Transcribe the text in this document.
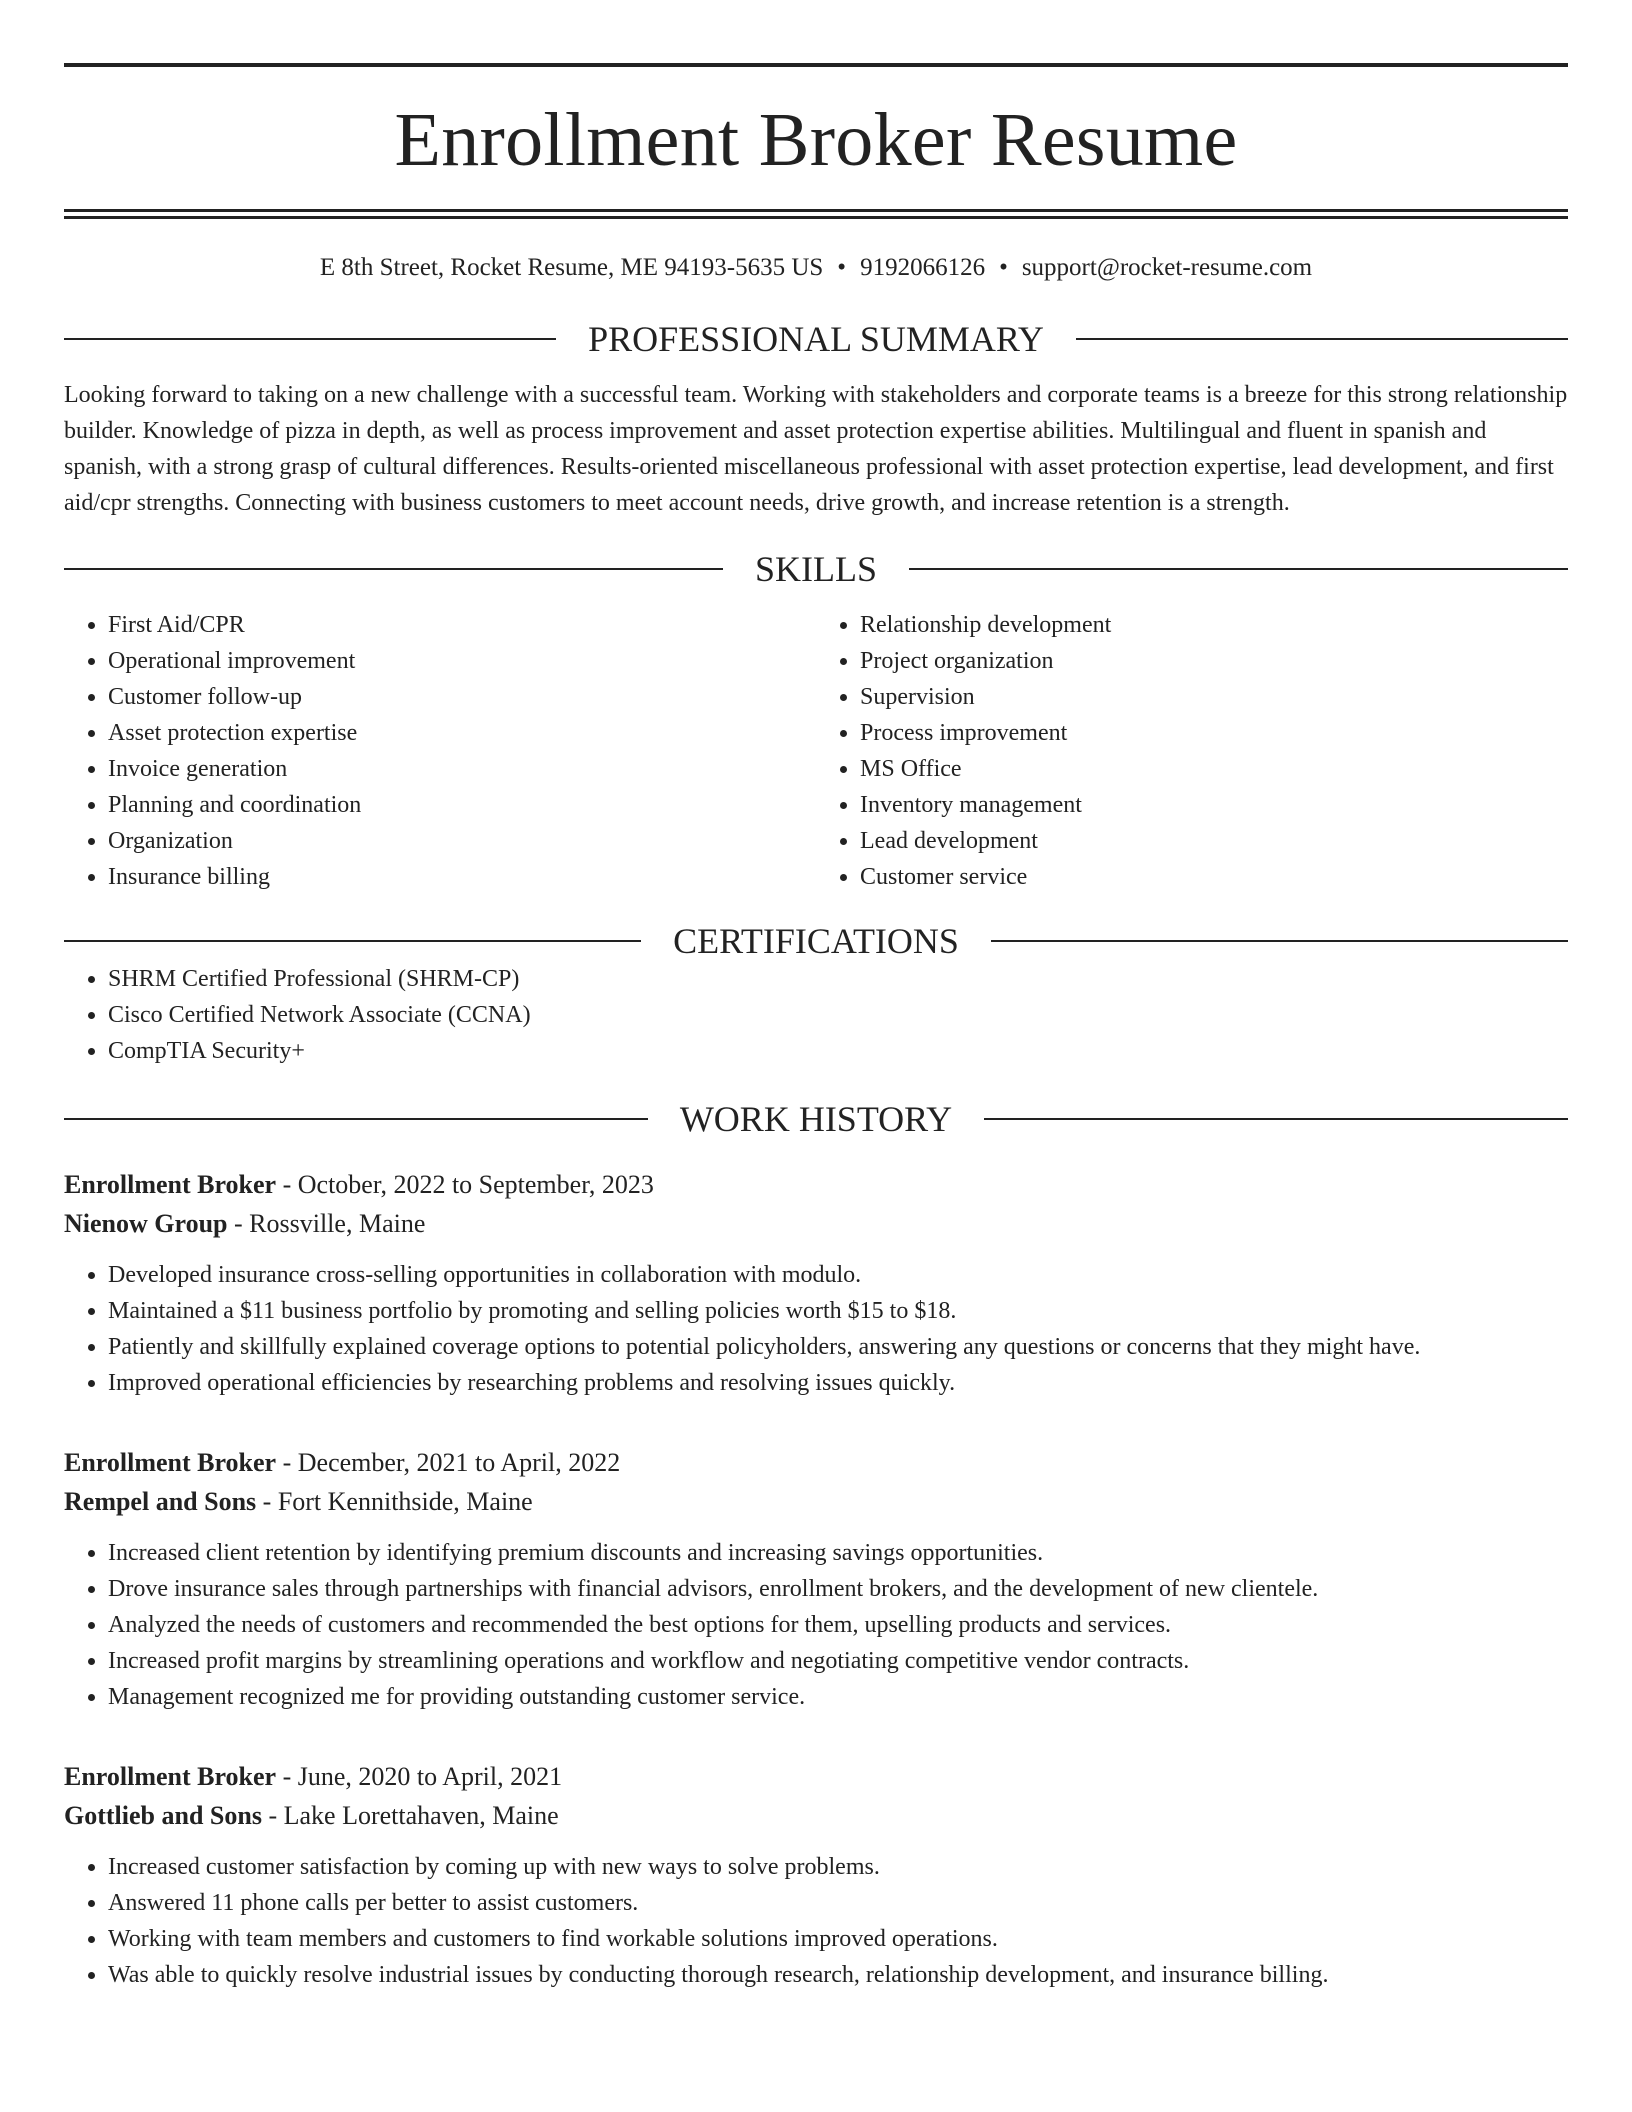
Enrollment Broker Resume
E 8th Street, Rocket Resume, ME 94193-5635 US • 9192066126 • support@rocket-resume.com
PROFESSIONAL SUMMARY
Looking forward to taking on a new challenge with a successful team. Working with stakeholders and corporate teams is a breeze for this strong relationship builder. Knowledge of pizza in depth, as well as process improvement and asset protection expertise abilities. Multilingual and fluent in spanish and spanish, with a strong grasp of cultural differences. Results-oriented miscellaneous professional with asset protection expertise, lead development, and first aid/cpr strengths. Connecting with business customers to meet account needs, drive growth, and increase retention is a strength.
SKILLS
• First Aid/CPR
• Operational improvement
• Customer follow-up
• Asset protection expertise
• Invoice generation
• Planning and coordination
• Organization
• Insurance billing
• Relationship development
• Project organization
• Supervision
• Process improvement
• MS Office
• Inventory management
• Lead development
• Customer service
CERTIFICATIONS
• SHRM Certified Professional (SHRM-CP)
• Cisco Certified Network Associate (CCNA)
• CompTIA Security+
WORK HISTORY
Enrollment Broker - October, 2022 to September, 2023
Nienow Group - Rossville, Maine
• Developed insurance cross-selling opportunities in collaboration with modulo.
• Maintained a $11 business portfolio by promoting and selling policies worth $15 to $18.
• Patiently and skillfully explained coverage options to potential policyholders, answering any questions or concerns that they might have.
• Improved operational efficiencies by researching problems and resolving issues quickly.
Enrollment Broker - December, 2021 to April, 2022
Rempel and Sons - Fort Kennithside, Maine
• Increased client retention by identifying premium discounts and increasing savings opportunities.
• Drove insurance sales through partnerships with financial advisors, enrollment brokers, and the development of new clientele.
• Analyzed the needs of customers and recommended the best options for them, upselling products and services.
• Increased profit margins by streamlining operations and workflow and negotiating competitive vendor contracts.
• Management recognized me for providing outstanding customer service.
Enrollment Broker - June, 2020 to April, 2021
Gottlieb and Sons - Lake Lorettahaven, Maine
• Increased customer satisfaction by coming up with new ways to solve problems.
• Answered 11 phone calls per better to assist customers.
• Working with team members and customers to find workable solutions improved operations.
• Was able to quickly resolve industrial issues by conducting thorough research, relationship development, and insurance billing.
